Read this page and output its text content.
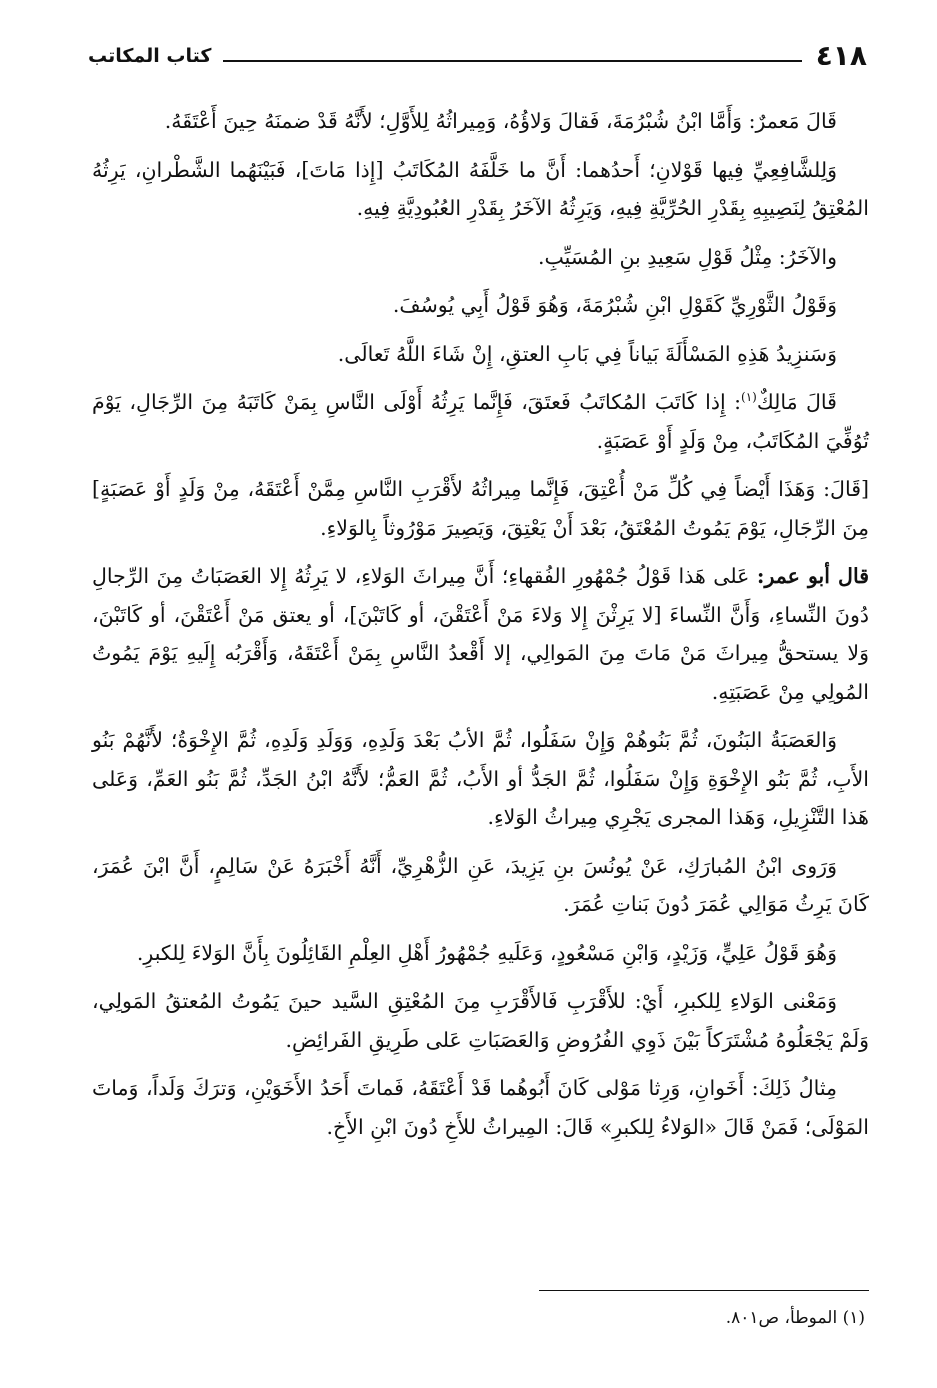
٤١٨
كتاب المكاتب

قَالَ مَعمرٌ: وَأَمَّا ابْنُ شُبْرُمَةَ، فَقالَ وَلاؤُهُ، وَمِيراثُهُ لِلأَوَّلِ؛ لأَنَّهُ قَدْ ضمنَهُ حِينَ أَعْتَقَهُ.

وَلِلشَّافِعِيِّ فِيها قَوْلانِ؛ أَحدُهما: أَنَّ ما خَلَّفَهُ المُكَاتَبُ [إِذا مَاتَ]، فَبَيْنَهُما الشَّطْرانِ، يَرِثُهُ المُعْتِقُ لِنَصِيبِهِ بِقَدْرِ الحُرِّيَّةِ فِيهِ، وَيَرِثُهُ الآخَرُ بِقَدْرِ العُبُودِيَّةِ فِيهِ.

والآخَرُ: مِثْلُ قَوْلِ سَعِيدِ بنِ المُسَيِّبِ.

وَقَوْلُ الثَّوْرِيِّ كَقَوْلِ ابْنِ شُبْرُمَةَ، وَهُوَ قَوْلُ أَبِي يُوسُفَ.

وَسَنزِيدُ هَذِهِ المَسْأَلَةَ بَياناً فِي بَابِ العتقِ، إِنْ شَاءَ اللَّهُ تَعالَى.

قَالَ مَالِكٌ$^{(١)}$: إِذا كَاتَبَ المُكاتَبُ فَعتَقَ، فَإِنَّما يَرِثُهُ أَوْلَى النَّاسِ بِمَنْ كَاتَبَهُ مِنَ الرِّجَالِ، يَوْمَ تُوُفِّيَ المُكَاتَبُ، مِنْ وَلَدٍ أَوْ عَصَبَةٍ.

[قَالَ: وَهَذَا أَيْضاً فِي كُلِّ مَنْ أُعْتِقَ، فَإِنَّما مِيراثُهُ لأَقْرَبِ النَّاسِ مِمَّنْ أَعْتَقَهُ، مِنْ وَلَدٍ أَوْ عَصَبَةٍ] مِنَ الرِّجَالِ، يَوْمَ يَمُوتُ المُعْتَقُ، بَعْدَ أَنْ يَعْتِقَ، وَيَصِيرَ مَوْرُوثاً بِالوَلاءِ.

قال أبو عمر: عَلى هَذا قَوْلُ جُمْهُورِ الفُقهاءِ؛ أَنَّ مِيراثَ الوَلاءِ، لا يَرِثُهُ إِلا العَصَبَاتُ مِنَ الرِّجالِ دُونَ النِّساءِ، وَأَنَّ النِّساءَ [لا يَرِثْنَ إِلا وَلاءَ مَنْ أَعْتَقْنَ، أو كَاتَبْنَ]، أو يعتق مَنْ أَعْتَقْنَ، أو كَاتَبْنَ، وَلا يستحقُّ مِيراثَ مَنْ مَاتَ مِنَ المَوالِي، إلا أَقْعدُ النَّاسِ بِمَنْ أَعْتَقَهُ، وَأَقْرَبُه إِلَيهِ يَوْمَ يَمُوتُ المُولِي مِنْ عَصَبَتِهِ.

وَالعَصَبَةُ البَنُونَ، ثُمَّ بَنُوهُمْ وَإِنْ سَفَلُوا، ثُمَّ الأبُ بَعْدَ وَلَدِهِ، وَوَلَدِ وَلَدِهِ، ثُمَّ الإِخْوَةُ؛ لأَنَّهُمْ بَنُو الأَبِ، ثُمَّ بَنُو الإِخْوَةِ وَإِنْ سَفَلُوا، ثُمَّ الجَدُّ أو الأَبُ، ثُمَّ العَمُّ؛ لأَنَّهُ ابْنُ الجَدِّ، ثُمَّ بَنُو العَمِّ، وَعَلى هَذا التَّنْزِيلِ، وَهَذا المجرى يَجْرِي مِيراثُ الوَلاءِ.

وَرَوى ابْنُ المُبارَكِ، عَنْ يُونُسَ بنِ يَزِيدَ، عَنِ الزُّهْرِيِّ، أَنَّهُ أَخْبَرَهُ عَنْ سَالِمٍ، أَنَّ ابْنَ عُمَرَ، كَانَ يَرِثُ مَوَالِي عُمَرَ دُونَ بَناتِ عُمَرَ.

وَهُوَ قَوْلُ عَلِيٍّ، وَزَيْدٍ، وَابْنِ مَسْعُودٍ، وَعَلَيهِ جُمْهُورُ أَهْلِ العِلْمِ القَائِلُونَ بِأَنَّ الوَلاءَ لِلكبرِ.

وَمَعْنى الوَلاءِ لِلكبرِ، أَيْ: للأَقْرَبِ فَالأَقْرَبِ مِنَ المُعْتِقِ السَّيد حينَ يَمُوتُ المُعتقُ المَولِي، وَلَمْ يَجْعَلُوهُ مُشْتَرَكاً بَيْنَ ذَوِي الفُرُوضِ وَالعَصَبَاتِ عَلى طَرِيقِ الفَرائِضِ.

مِثالُ ذَلِكَ: أَخَوانِ، وَرِثا مَوْلى كَانَ أَبُوهُما قَدْ أَعْتَقَهُ، فَماتَ أَحَدُ الأَخَوَيْنِ، وَترَكَ وَلَداً، وَماتَ المَوْلَى؛ فَمَنْ قَالَ «الوَلاءُ لِلكبرِ» قَالَ: المِيراثُ للأَخِ دُونَ ابْنِ الأَخِ.

(١) الموطأ، ص٨٠١.
